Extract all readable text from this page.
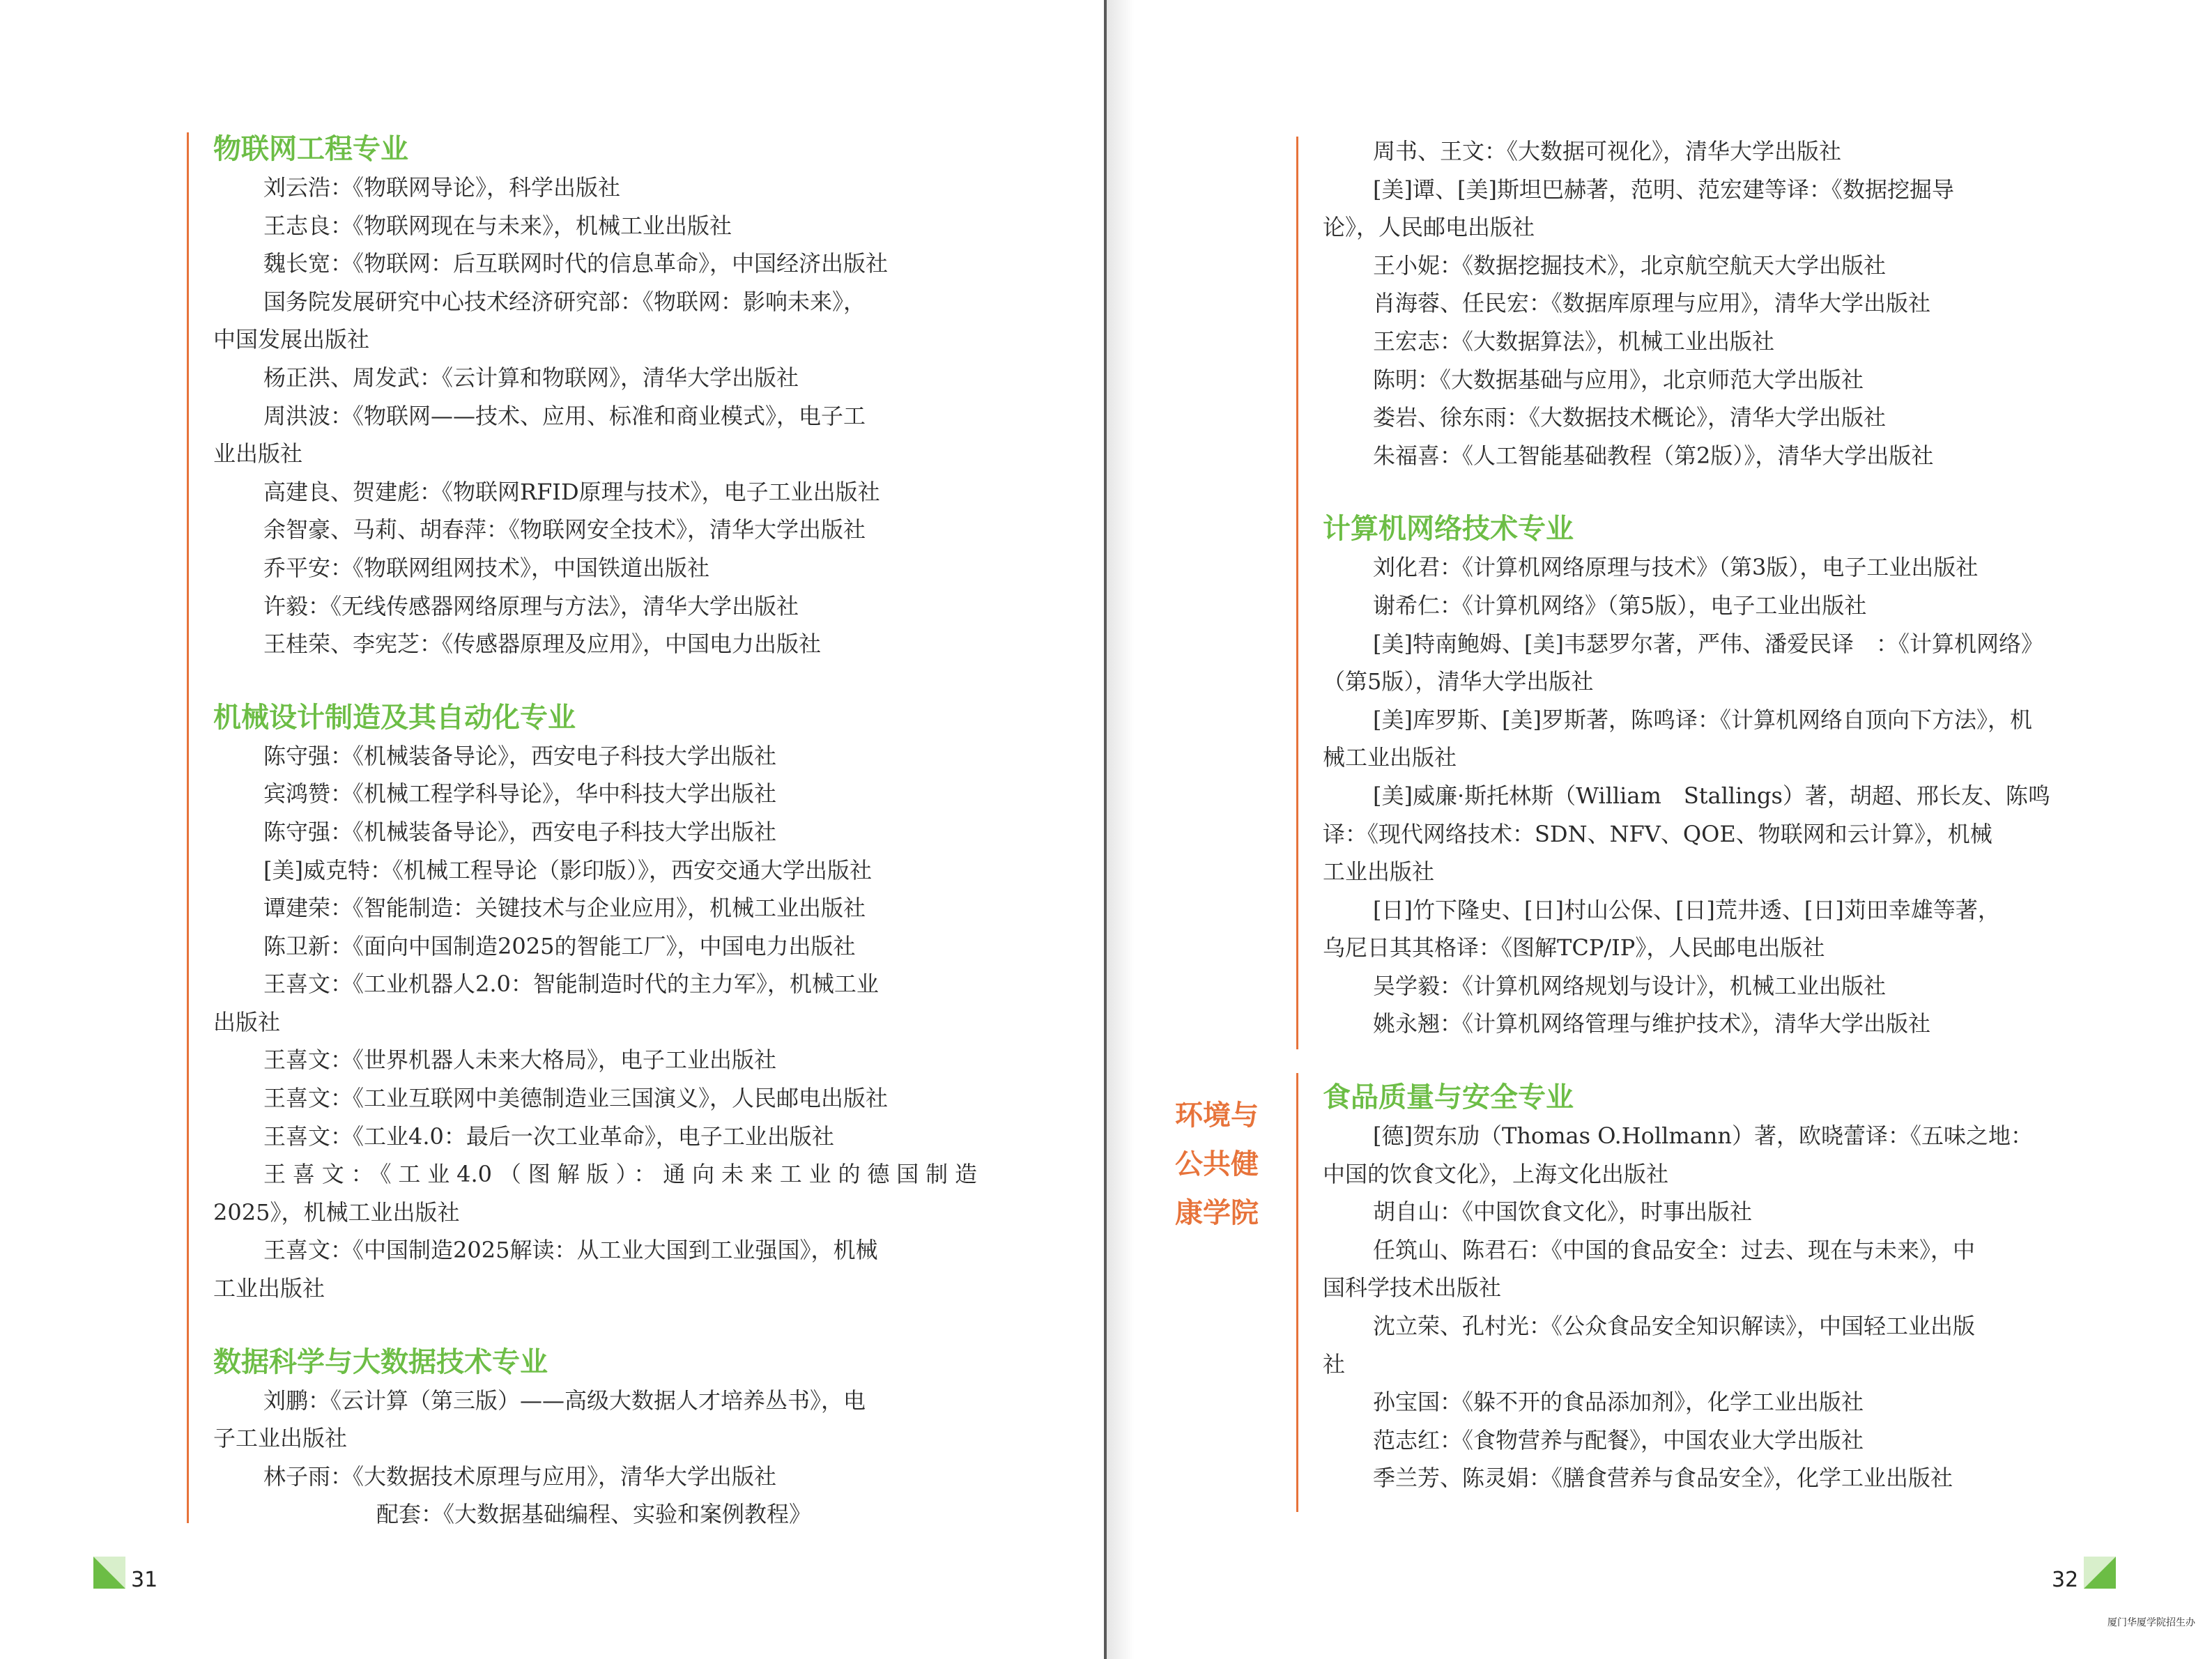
物联网工程专业
刘云浩：《物联网导论》，科学出版社
王志良：《物联网现在与未来》，机械工业出版社
魏长宽：《物联网：后互联网时代的信息革命》，中国经济出版社
国务院发展研究中心技术经济研究部：《物联网：影响未来》，
中国发展出版社
杨正洪、周发武：《云计算和物联网》，清华大学出版社
周洪波：《物联网——技术、应用、标准和商业模式》，电子工
业出版社
高建良、贺建彪：《物联网RFID原理与技术》，电子工业出版社
余智豪、马莉、胡春萍：《物联网安全技术》，清华大学出版社
乔平安：《物联网组网技术》，中国铁道出版社
许毅：《无线传感器网络原理与方法》，清华大学出版社
王桂荣、李宪芝：《传感器原理及应用》，中国电力出版社
机械设计制造及其自动化专业
陈守强：《机械装备导论》，西安电子科技大学出版社
宾鸿赞：《机械工程学科导论》，华中科技大学出版社
陈守强：《机械装备导论》，西安电子科技大学出版社
[美]威克特：《机械工程导论（影印版）》，西安交通大学出版社
谭建荣：《智能制造：关键技术与企业应用》，机械工业出版社
陈卫新：《面向中国制造2025的智能工厂》，中国电力出版社
王喜文：《工业机器人2.0：智能制造时代的主力军》，机械工业
出版社
王喜文：《世界机器人未来大格局》，电子工业出版社
王喜文：《工业互联网中美德制造业三国演义》，人民邮电出版社
王喜文：《工业4.0：最后一次工业革命》，电子工业出版社
王喜文：《工业4.0（图解版）：通向未来工业的德国制造
2025》，机械工业出版社
王喜文：《中国制造2025解读：从工业大国到工业强国》，机械
工业出版社
数据科学与大数据技术专业
刘鹏：《云计算（第三版）——高级大数据人才培养丛书》，电
子工业出版社
林子雨：《大数据技术原理与应用》，清华大学出版社
配套：《大数据基础编程、实验和案例教程》
31
环境与
公共健
康学院
周书、王文：《大数据可视化》，清华大学出版社
[美]谭、[美]斯坦巴赫著，范明、范宏建等译：《数据挖掘导
论》，人民邮电出版社
王小妮：《数据挖掘技术》，北京航空航天大学出版社
肖海蓉、任民宏：《数据库原理与应用》，清华大学出版社
王宏志：《大数据算法》，机械工业出版社
陈明：《大数据基础与应用》，北京师范大学出版社
娄岩、徐东雨：《大数据技术概论》，清华大学出版社
朱福喜：《人工智能基础教程（第2版）》，清华大学出版社
计算机网络技术专业
刘化君：《计算机网络原理与技术》（第3版），电子工业出版社
谢希仁：《计算机网络》（第5版），电子工业出版社
[美]特南鲍姆、[美]韦瑟罗尔著，严伟、潘爱民译　：《计算机网络》
（第5版），清华大学出版社
[美]库罗斯、[美]罗斯著，陈鸣译：《计算机网络自顶向下方法》，机
械工业出版社
[美]威廉·斯托林斯（William　Stallings）著，胡超、邢长友、陈鸣
译：《现代网络技术：SDN、NFV、QOE、物联网和云计算》，机械
工业出版社
[日]竹下隆史、[日]村山公保、[日]荒井透、[日]苅田幸雄等著，
乌尼日其其格译：《图解TCP/IP》，人民邮电出版社
吴学毅：《计算机网络规划与设计》，机械工业出版社
姚永翘：《计算机网络管理与维护技术》，清华大学出版社
食品质量与安全专业
[德]贺东劢（Thomas O.Hollmann）著，欧晓蕾译：《五味之地：
中国的饮食文化》，上海文化出版社
胡自山：《中国饮食文化》，时事出版社
任筑山、陈君石：《中国的食品安全：过去、现在与未来》，中
国科学技术出版社
沈立荣、孔村光：《公众食品安全知识解读》，中国轻工业出版
社
孙宝国：《躲不开的食品添加剂》，化学工业出版社
范志红：《食物营养与配餐》，中国农业大学出版社
季兰芳、陈灵娟：《膳食营养与食品安全》，化学工业出版社
32
厦门华厦学院招生办
